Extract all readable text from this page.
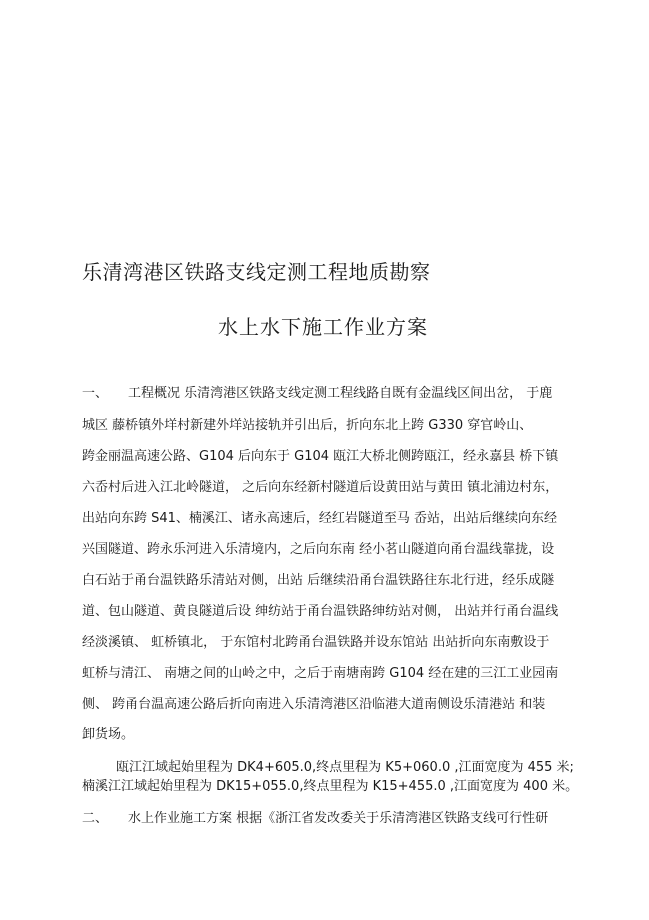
乐清湾港区铁路支线定测工程地质勘察
水上水下施工作业方案
一、 工程概况 乐清湾港区铁路支线定测工程线路自既有金温线区间出岔， 于鹿
城区 藤桥镇外垟村新建外垟站接轨并引出后，折向东北上跨 G330 穿官岭山、
跨金丽温高速公路、G104 后向东于 G104 瓯江大桥北侧跨瓯江，经永嘉县 桥下镇
六岙村后进入江北岭隧道， 之后向东经新村隧道后设黄田站与黄田 镇北浦边村东，
出站向东跨 S41、楠溪江、诸永高速后，经红岩隧道至马 岙站，出站后继续向东经
兴国隧道、跨永乐河进入乐清境内，之后向东南 经小茗山隧道向甬台温线靠拢，设
白石站于甬台温铁路乐清站对侧，出站 后继续沿甬台温铁路往东北行进，经乐成隧
道、包山隧道、黄良隧道后设 绅纺站于甬台温铁路绅纺站对侧， 出站并行甬台温线
经淡溪镇、 虹桥镇北， 于东馆村北跨甬台温铁路并设东馆站 出站折向东南敷设于
虹桥与清江、 南塘之间的山岭之中，之后于南塘南跨 G104 经在建的三江工业园南
侧、 跨甬台温高速公路后折向南进入乐清湾港区沿临港大道南侧设乐清港站 和装
卸货场。
瓯江江域起始里程为 DK4+605.0,终点里程为 K5+060.0 ,江面宽度为 455 米;
楠溪江江域起始里程为 DK15+055.0,终点里程为 K15+455.0 ,江面宽度为 400 米。
二、 水上作业施工方案 根据《浙江省发改委关于乐清湾港区铁路支线可行性研
